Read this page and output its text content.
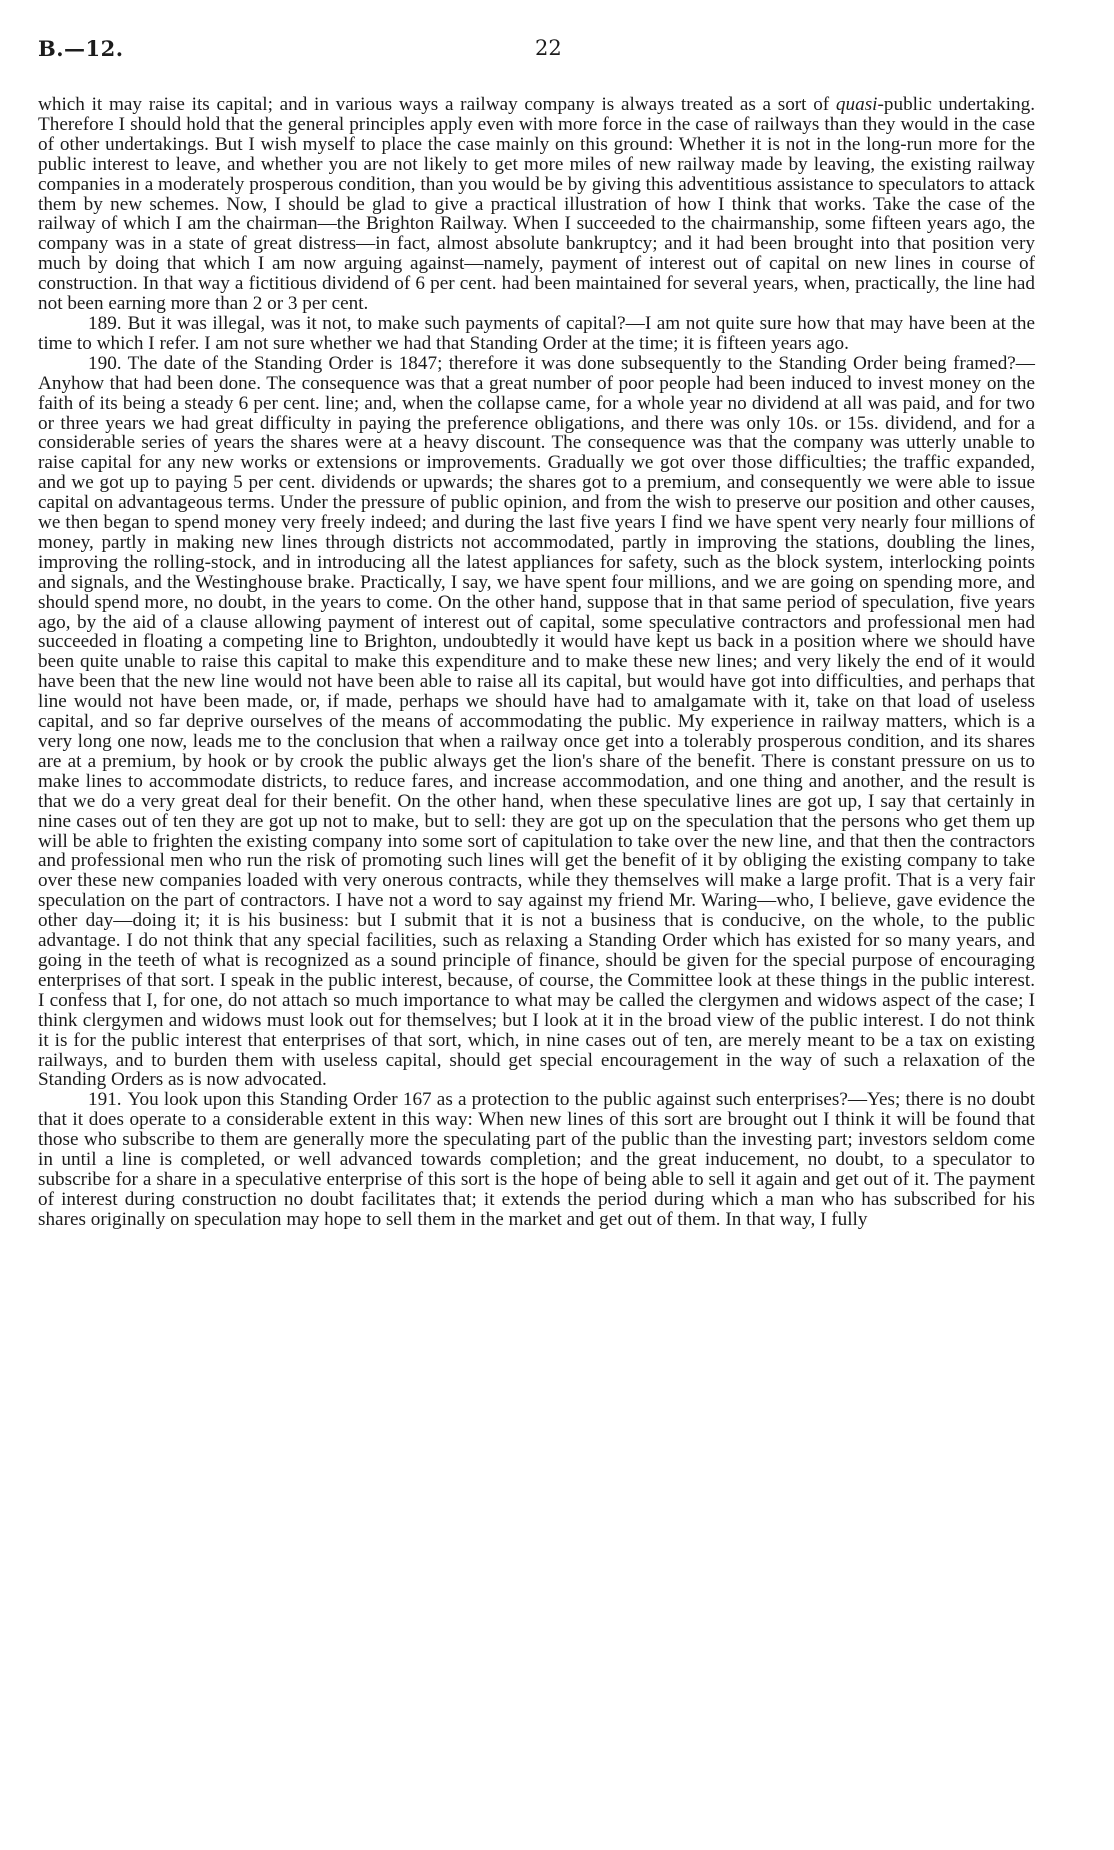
B.—12.	22

which it may raise its capital; and in various ways a railway company is always treated as a sort of quasi-public undertaking. Therefore I should hold that the general principles apply even with more force in the case of railways than they would in the case of other undertakings. But I wish myself to place the case mainly on this ground: Whether it is not in the long-run more for the public interest to leave, and whether you are not likely to get more miles of new railway made by leaving, the existing railway companies in a moderately prosperous condition, than you would be by giving this adventitious assistance to speculators to attack them by new schemes. Now, I should be glad to give a practical illustration of how I think that works. Take the case of the railway of which I am the chairman—the Brighton Railway. When I succeeded to the chairmanship, some fifteen years ago, the company was in a state of great distress—in fact, almost absolute bankruptcy; and it had been brought into that position very much by doing that which I am now arguing against—namely, payment of interest out of capital on new lines in course of construction. In that way a fictitious dividend of 6 per cent. had been maintained for several years, when, practically, the line had not been earning more than 2 or 3 per cent.

189. But it was illegal, was it not, to make such payments of capital?—I am not quite sure how that may have been at the time to which I refer. I am not sure whether we had that Standing Order at the time; it is fifteen years ago.

190. The date of the Standing Order is 1847; therefore it was done subsequently to the Standing Order being framed?—Anyhow that had been done. The consequence was that a great number of poor people had been induced to invest money on the faith of its being a steady 6 per cent. line; and, when the collapse came, for a whole year no dividend at all was paid, and for two or three years we had great difficulty in paying the preference obligations, and there was only 10s. or 15s. dividend, and for a considerable series of years the shares were at a heavy discount. The consequence was that the company was utterly unable to raise capital for any new works or extensions or improvements. Gradually we got over those difficulties; the traffic expanded, and we got up to paying 5 per cent. dividends or upwards; the shares got to a premium, and consequently we were able to issue capital on advantageous terms. Under the pressure of public opinion, and from the wish to preserve our position and other causes, we then began to spend money very freely indeed; and during the last five years I find we have spent very nearly four millions of money, partly in making new lines through districts not accommodated, partly in improving the stations, doubling the lines, improving the rolling-stock, and in introducing all the latest appliances for safety, such as the block system, interlocking points and signals, and the Westinghouse brake. Practically, I say, we have spent four millions, and we are going on spending more, and should spend more, no doubt, in the years to come. On the other hand, suppose that in that same period of speculation, five years ago, by the aid of a clause allowing payment of interest out of capital, some speculative contractors and professional men had succeeded in floating a competing line to Brighton, undoubtedly it would have kept us back in a position where we should have been quite unable to raise this capital to make this expenditure and to make these new lines; and very likely the end of it would have been that the new line would not have been able to raise all its capital, but would have got into difficulties, and perhaps that line would not have been made, or, if made, perhaps we should have had to amalgamate with it, take on that load of useless capital, and so far deprive ourselves of the means of accommodating the public. My experience in railway matters, which is a very long one now, leads me to the conclusion that when a railway once get into a tolerably prosperous condition, and its shares are at a premium, by hook or by crook the public always get the lion's share of the benefit. There is constant pressure on us to make lines to accommodate districts, to reduce fares, and increase accommodation, and one thing and another, and the result is that we do a very great deal for their benefit. On the other hand, when these speculative lines are got up, I say that certainly in nine cases out of ten they are got up not to make, but to sell: they are got up on the speculation that the persons who get them up will be able to frighten the existing company into some sort of capitulation to take over the new line, and that then the contractors and professional men who run the risk of promoting such lines will get the benefit of it by obliging the existing company to take over these new companies loaded with very onerous contracts, while they themselves will make a large profit. That is a very fair speculation on the part of contractors. I have not a word to say against my friend Mr. Waring—who, I believe, gave evidence the other day—doing it; it is his business: but I submit that it is not a business that is conducive, on the whole, to the public advantage. I do not think that any special facilities, such as relaxing a Standing Order which has existed for so many years, and going in the teeth of what is recognized as a sound principle of finance, should be given for the special purpose of encouraging enterprises of that sort. I speak in the public interest, because, of course, the Committee look at these things in the public interest. I confess that I, for one, do not attach so much importance to what may be called the clergymen and widows aspect of the case; I think clergymen and widows must look out for themselves; but I look at it in the broad view of the public interest. I do not think it is for the public interest that enterprises of that sort, which, in nine cases out of ten, are merely meant to be a tax on existing railways, and to burden them with useless capital, should get special encouragement in the way of such a relaxation of the Standing Orders as is now advocated.

191. You look upon this Standing Order 167 as a protection to the public against such enterprises?—Yes; there is no doubt that it does operate to a considerable extent in this way: When new lines of this sort are brought out I think it will be found that those who subscribe to them are generally more the speculating part of the public than the investing part; investors seldom come in until a line is completed, or well advanced towards completion; and the great inducement, no doubt, to a speculator to subscribe for a share in a speculative enterprise of this sort is the hope of being able to sell it again and get out of it. The payment of interest during construction no doubt facilitates that; it extends the period during which a man who has subscribed for his shares originally on speculation may hope to sell them in the market and get out of them. In that way, I fully
